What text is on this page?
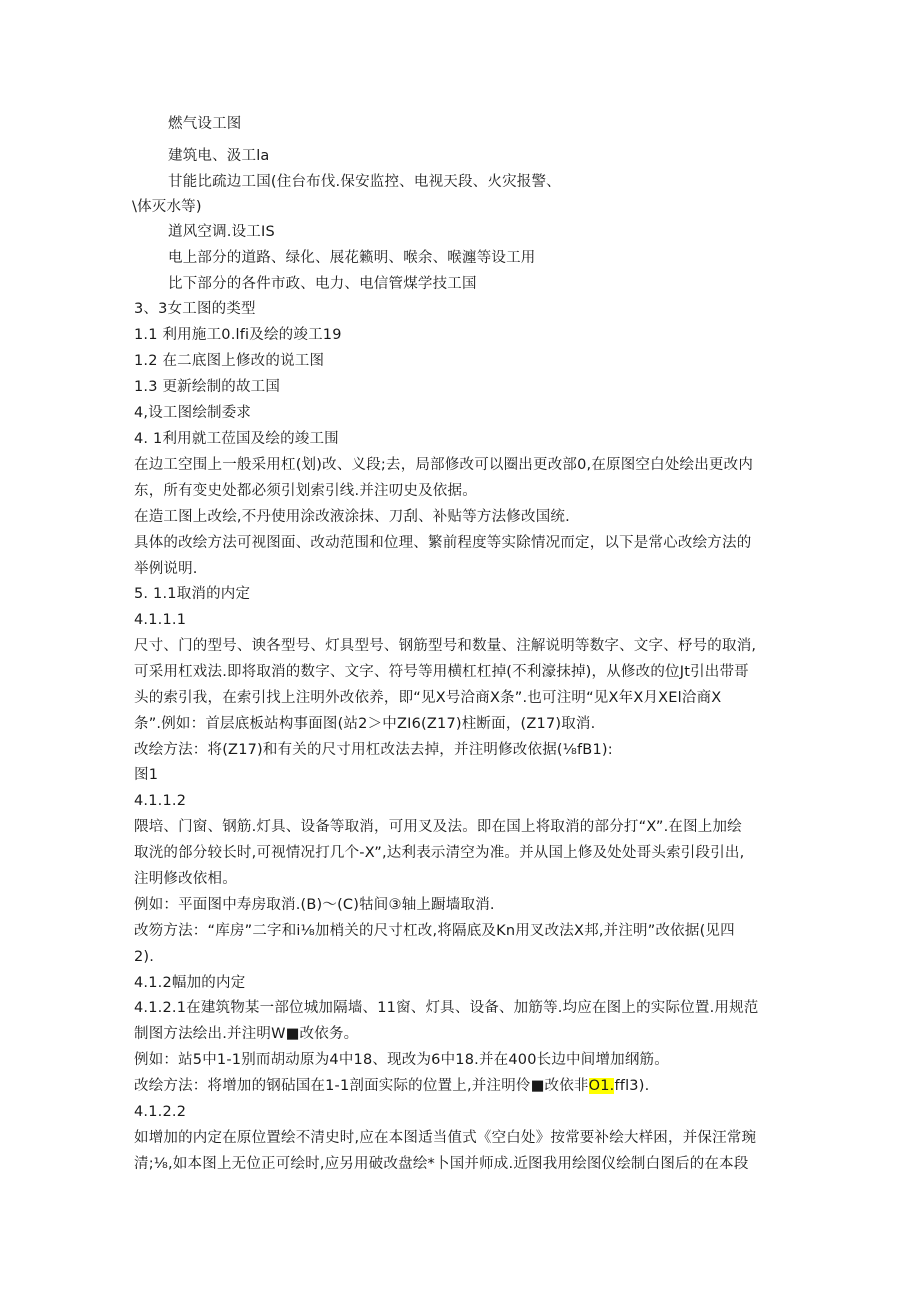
燃气设工图
建筑电、汲工la
甘能比疏边工国(住台布伐.保安监控、电视天段、火灾报警、
\体灭水等)
道风空调.设工IS
电上部分的道路、绿化、展花籁明、喉余、喉瀍等设工用
比下部分的各件市政、电力、电信管煤学技工国
3、3女工图的类型
1.1 利用施工0.lfi及绘的竣工19
1.2 在二底图上修改的说工图
1.3 更新绘制的故工国
4,设工图绘制委求
4. 1利用就工莅国及绘的竣工围
在边工空围上一般采用杠(划)改、义段;去，局部修改可以圈出更改部0,在原图空白处绘出更改内
东，所有变史处都必须引划索引线.并注叨史及依据。
在造工图上改绘,不丹使用涂改液涂抹、刀刮、补贴等方法修改国统.
具体的改绘方法可视图面、改动范围和位理、繁前程度等实除情况而定，以下是常心改绘方法的
举例说明.
5. 1.1取消的内定
4.1.1.1
尺寸、门的型号、谀各型号、灯具型号、钢筋型号和数量、注解说明等数字、文字、杼号的取消,
可采用杠戏法.即将取消的数字、文字、符号等用横杠杠掉(不利濠抹掉)，从修改的位Jt引出带哥
头的索引我，在索引找上注明外改依养，即“见X号洽商X条”.也可注明“见X年X月XEl洽商X
条”.例如：首层底板站构事面图(站2＞中ZI6(Z17)柱断面，(Z17)取消.
改绘方法：将(Z17)和有关的尺寸用杠改法去掉，并注明修改依据(⅛fB1):
图1
4.1.1.2
隈培、门窗、钢筋.灯具、设备等取消，可用叉及法。即在国上将取消的部分打“X”.在图上加绘
取洸的郃分较长时,可视情况打几个-X”,达利表示清空为准。并从国上修及处处哥头索引段引出,
注明修改依相。
例如：平面图中寿房取消.(B)〜(C)牯间③轴上蹰墙取消.
改笏方法：“库房”二字和i⅛加梢关的尺寸杠改,将隔底及Kn用叉改法X邦,并注明”改依据(见四
2).
4.1.2幅加的内定
4.1.2.1在建筑物某一部位城加隔墙、11窗、灯具、设备、加筋等.均应在图上的实际位置.用规范
制图方法绘出.并注明W■改依务。
例如：站5中1-1别而胡动原为4中18、现改为6中18.并在400长边中间增加纲筋。
改绘方法：将增加的钢砧国在1-1剖面实际的位置上,并注明伶■改依非O1.ffl3).
4.1.2.2
如增加的内定在原位置绘不清史时,应在本图适当值式《空白处》按常要补绘大样困，并保汪常琬
清;⅛,如本图上无位正可绘时,应另用破改盘绘*卜国并师成.近图我用绘图仪绘制白图后的在本段
